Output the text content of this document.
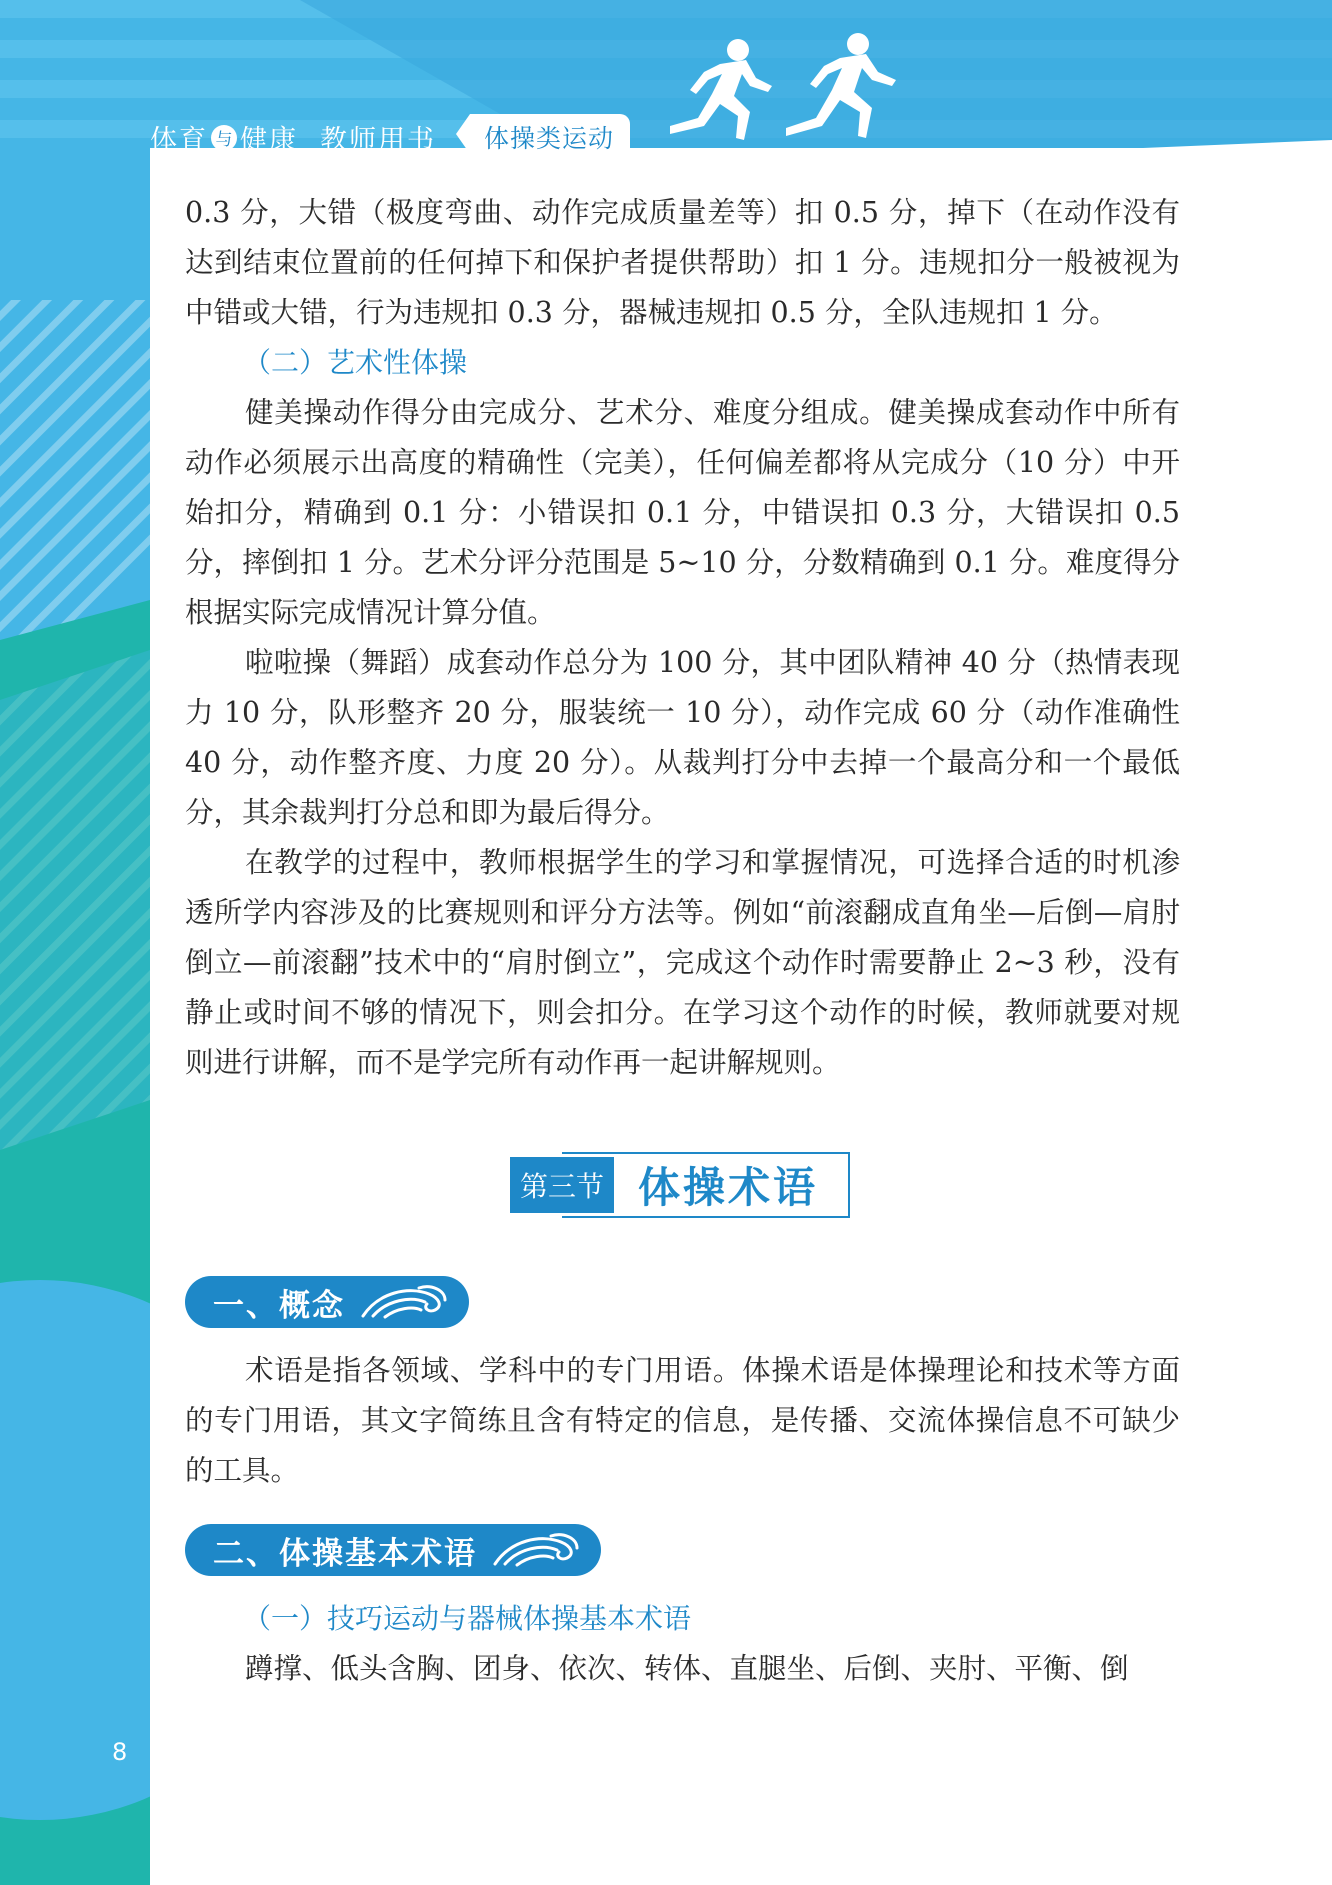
体育 与 健康 教师用书	体操类运动

0.3 分，大错（极度弯曲、动作完成质量差等）扣 0.5 分，掉下（在动作没有达到结束位置前的任何掉下和保护者提供帮助）扣 1 分。违规扣分一般被视为中错或大错，行为违规扣 0.3 分，器械违规扣 0.5 分，全队违规扣 1 分。

（二）艺术性体操

健美操动作得分由完成分、艺术分、难度分组成。健美操成套动作中所有动作必须展示出高度的精确性（完美），任何偏差都将从完成分（10 分）中开始扣分，精确到 0.1 分：小错误扣 0.1 分，中错误扣 0.3 分，大错误扣 0.5 分，摔倒扣 1 分。艺术分评分范围是 5~10 分，分数精确到 0.1 分。难度得分根据实际完成情况计算分值。

啦啦操（舞蹈）成套动作总分为 100 分，其中团队精神 40 分（热情表现力 10 分，队形整齐 20 分，服装统一 10 分），动作完成 60 分（动作准确性 40 分，动作整齐度、力度 20 分）。从裁判打分中去掉一个最高分和一个最低分，其余裁判打分总和即为最后得分。

在教学的过程中，教师根据学生的学习和掌握情况，可选择合适的时机渗透所学内容涉及的比赛规则和评分方法等。例如“前滚翻成直角坐—后倒—肩肘倒立—前滚翻”技术中的“肩肘倒立”，完成这个动作时需要静止 2~3 秒，没有静止或时间不够的情况下，则会扣分。在学习这个动作的时候，教师就要对规则进行讲解，而不是学完所有动作再一起讲解规则。

第三节 体操术语
一、概念

术语是指各领域、学科中的专门用语。体操术语是体操理论和技术等方面的专门用语，其文字简练且含有特定的信息，是传播、交流体操信息不可缺少的工具。

二、体操基本术语

（一）技巧运动与器械体操基本术语

蹲撑、低头含胸、团身、依次、转体、直腿坐、后倒、夹肘、平衡、倒

8
